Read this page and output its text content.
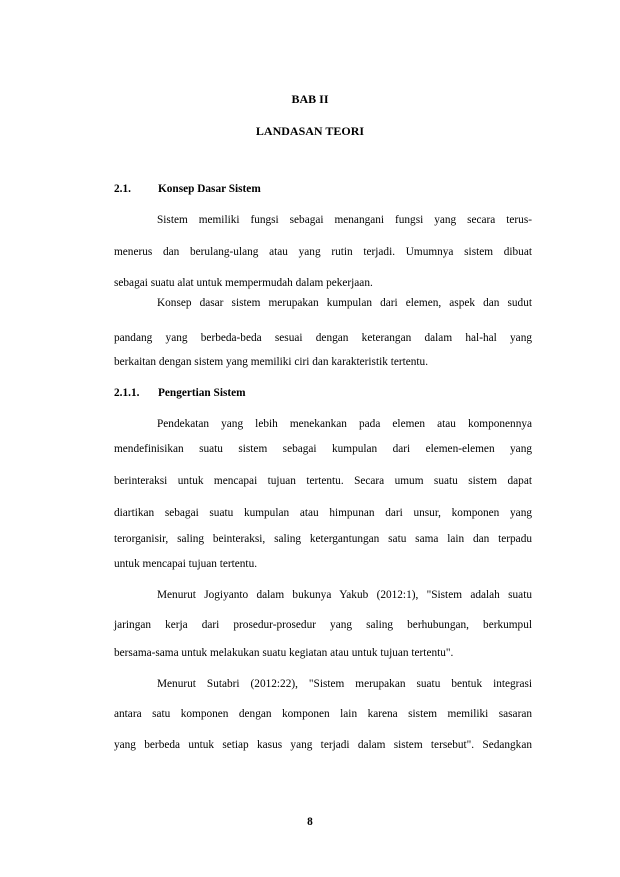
BAB II
LANDASAN TEORI
2.1. Konsep Dasar Sistem
Sistem memiliki fungsi sebagai menangani fungsi yang secara terus-
menerus dan berulang-ulang atau yang rutin terjadi. Umumnya sistem dibuat
sebagai suatu alat untuk mempermudah dalam pekerjaan.
Konsep dasar sistem merupakan kumpulan dari elemen, aspek dan sudut
pandang yang berbeda-beda sesuai dengan keterangan dalam hal-hal yang
berkaitan dengan sistem yang memiliki ciri dan karakteristik tertentu.
2.1.1. Pengertian Sistem
Pendekatan yang lebih menekankan pada elemen atau komponennya
mendefinisikan suatu sistem sebagai kumpulan dari elemen-elemen yang
berinteraksi untuk mencapai tujuan tertentu. Secara umum suatu sistem dapat
diartikan sebagai suatu kumpulan atau himpunan dari unsur, komponen yang
terorganisir, saling beinteraksi, saling ketergantungan satu sama lain dan terpadu
untuk mencapai tujuan tertentu.
Menurut Jogiyanto dalam bukunya Yakub (2012:1), "Sistem adalah suatu
jaringan kerja dari prosedur-prosedur yang saling berhubungan, berkumpul
bersama-sama untuk melakukan suatu kegiatan atau untuk tujuan tertentu".
Menurut Sutabri (2012:22), "Sistem merupakan suatu bentuk integrasi
antara satu komponen dengan komponen lain karena sistem memiliki sasaran
yang berbeda untuk setiap kasus yang terjadi dalam sistem tersebut". Sedangkan
8
